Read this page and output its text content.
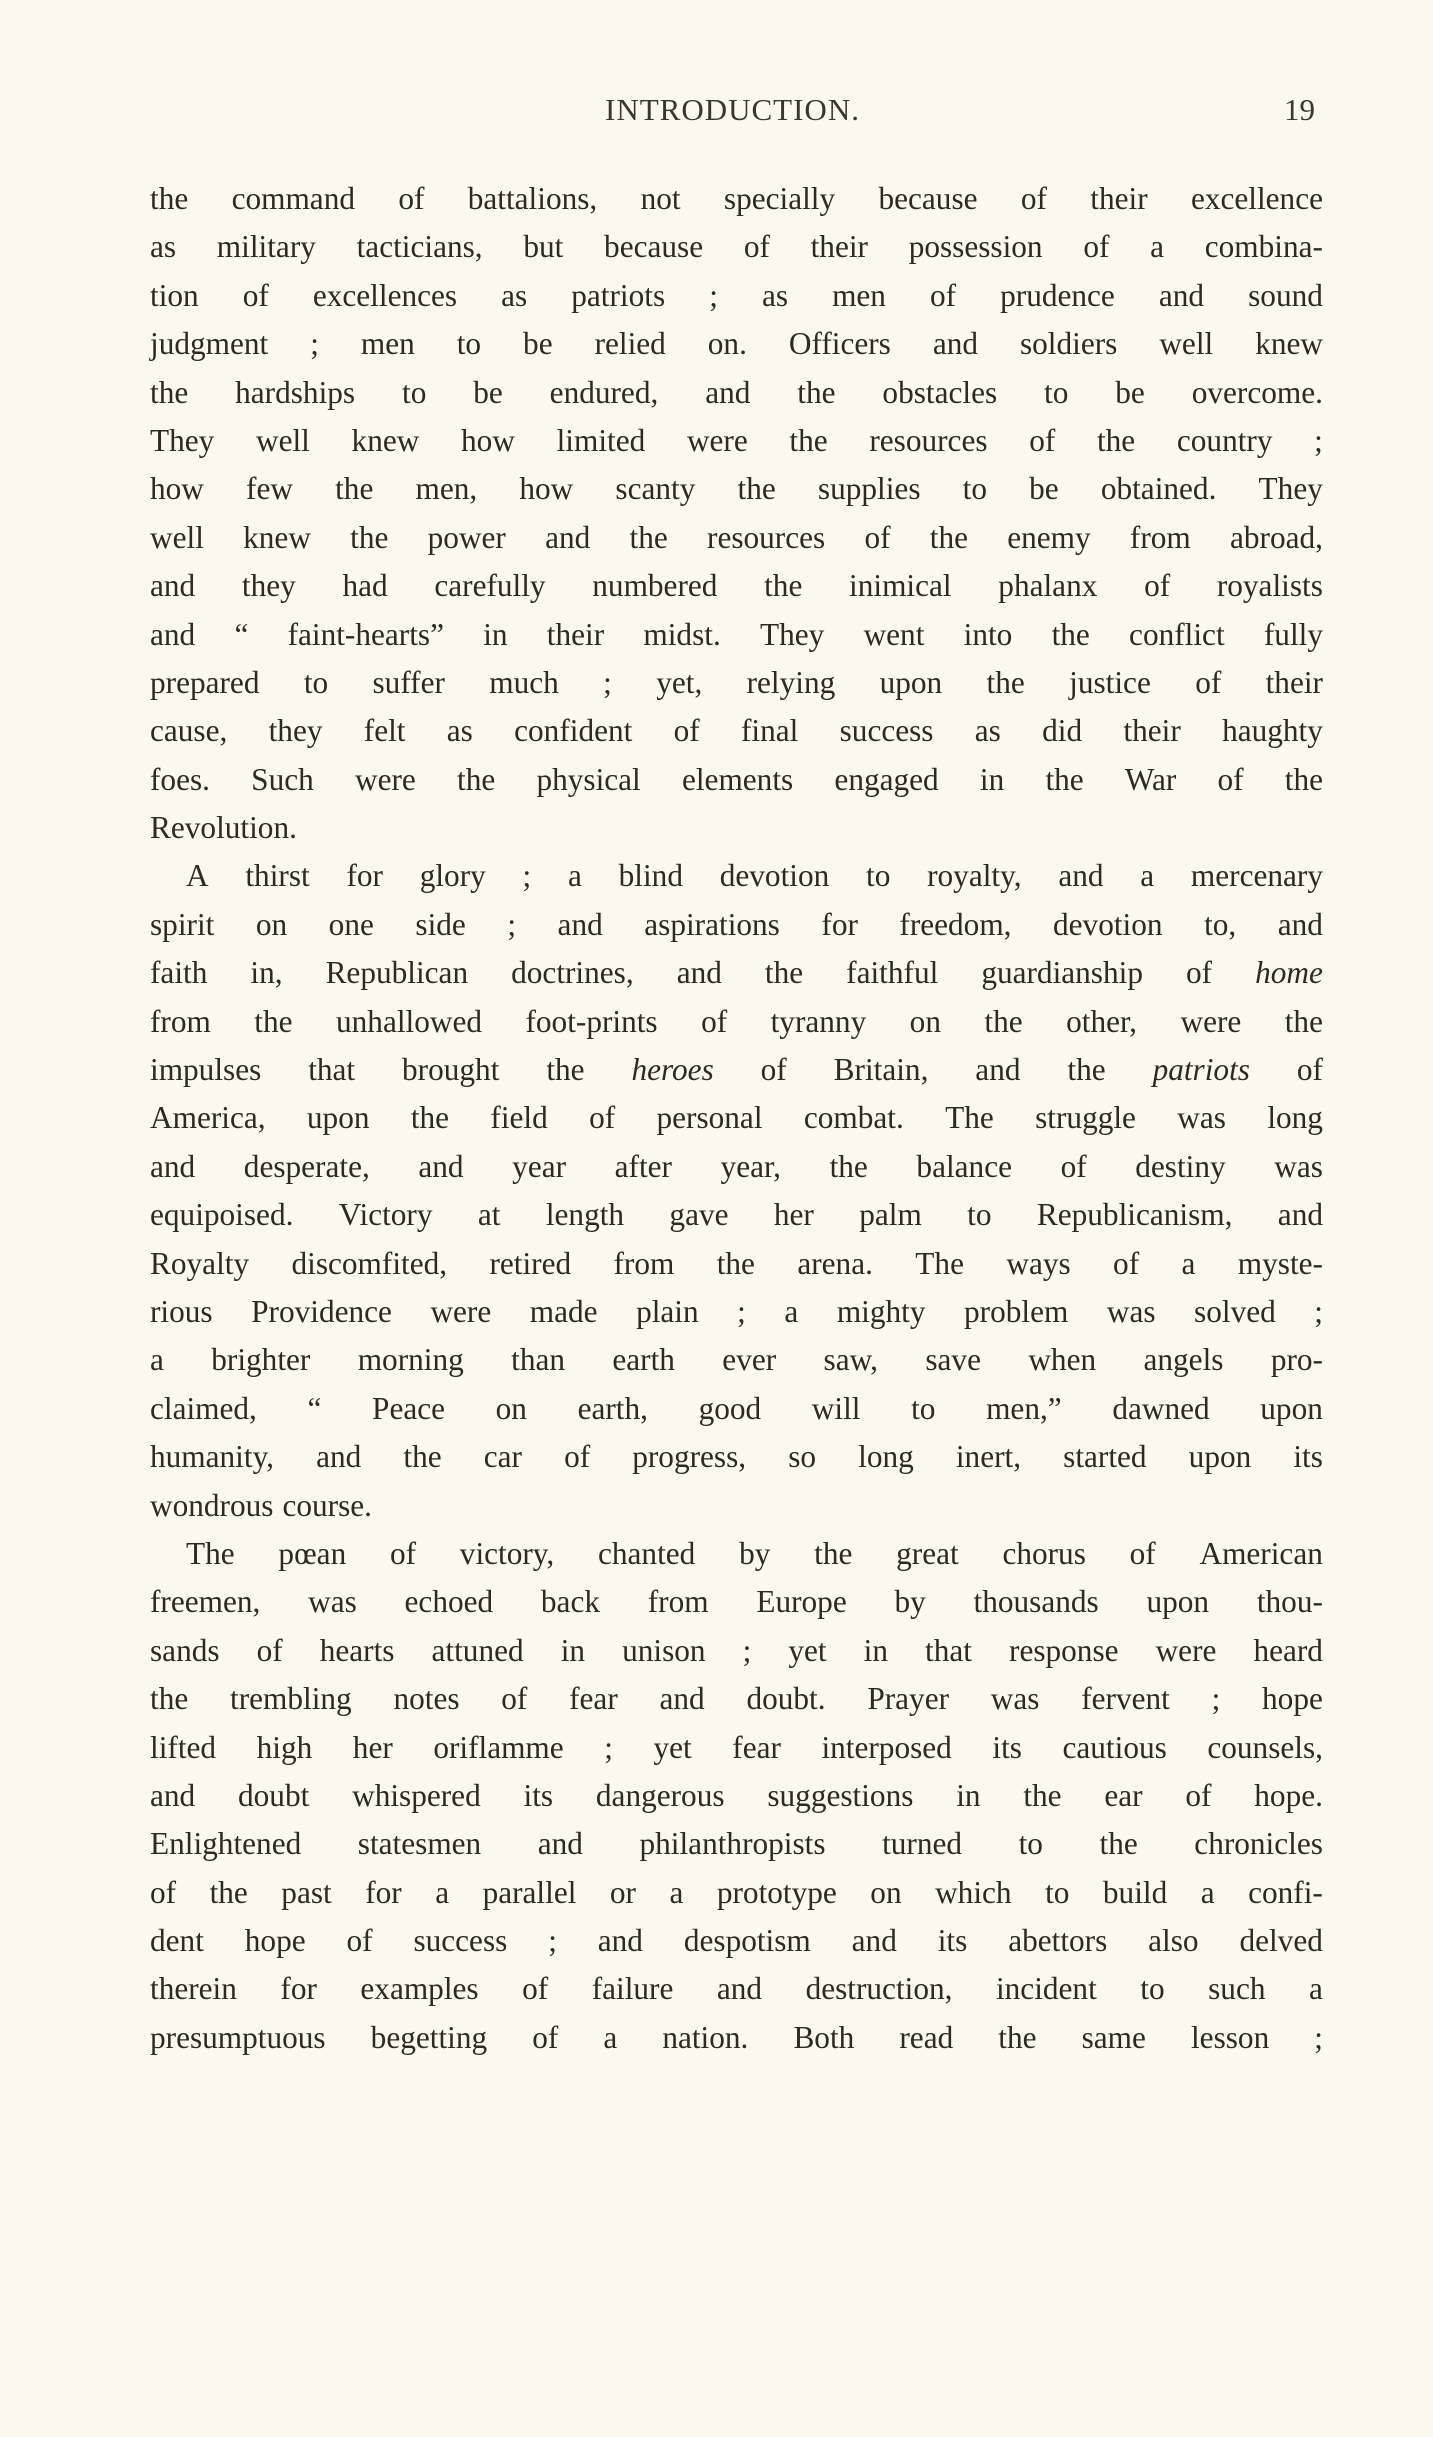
INTRODUCTION.	19
the command of battalions, not specially because of their excellence
as military tacticians, but because of their possession of a combina-
tion of excellences as patriots ; as men of prudence and sound
judgment ; men to be relied on. Officers and soldiers well knew
the hardships to be endured, and the obstacles to be overcome.
They well knew how limited were the resources of the country ;
how few the men, how scanty the supplies to be obtained. They
well knew the power and the resources of the enemy from abroad,
and they had carefully numbered the inimical phalanx of royalists
and “ faint-hearts” in their midst. They went into the conflict fully
prepared to suffer much ; yet, relying upon the justice of their
cause, they felt as confident of final success as did their haughty
foes. Such were the physical elements engaged in the War of the
Revolution.
A thirst for glory ; a blind devotion to royalty, and a mercenary
spirit on one side ; and aspirations for freedom, devotion to, and
faith in, Republican doctrines, and the faithful guardianship of home
from the unhallowed foot-prints of tyranny on the other, were the
impulses that brought the heroes of Britain, and the patriots of
America, upon the field of personal combat. The struggle was long
and desperate, and year after year, the balance of destiny was
equipoised. Victory at length gave her palm to Republicanism, and
Royalty discomfited, retired from the arena. The ways of a myste-
rious Providence were made plain ; a mighty problem was solved ;
a brighter morning than earth ever saw, save when angels pro-
claimed, “ Peace on earth, good will to men,” dawned upon
humanity, and the car of progress, so long inert, started upon its
wondrous course.
The pœan of victory, chanted by the great chorus of American
freemen, was echoed back from Europe by thousands upon thou-
sands of hearts attuned in unison ; yet in that response were heard
the trembling notes of fear and doubt. Prayer was fervent ; hope
lifted high her oriflamme ; yet fear interposed its cautious counsels,
and doubt whispered its dangerous suggestions in the ear of hope.
Enlightened statesmen and philanthropists turned to the chronicles
of the past for a parallel or a prototype on which to build a confi-
dent hope of success ; and despotism and its abettors also delved
therein for examples of failure and destruction, incident to such a
presumptuous begetting of a nation. Both read the same lesson ;
